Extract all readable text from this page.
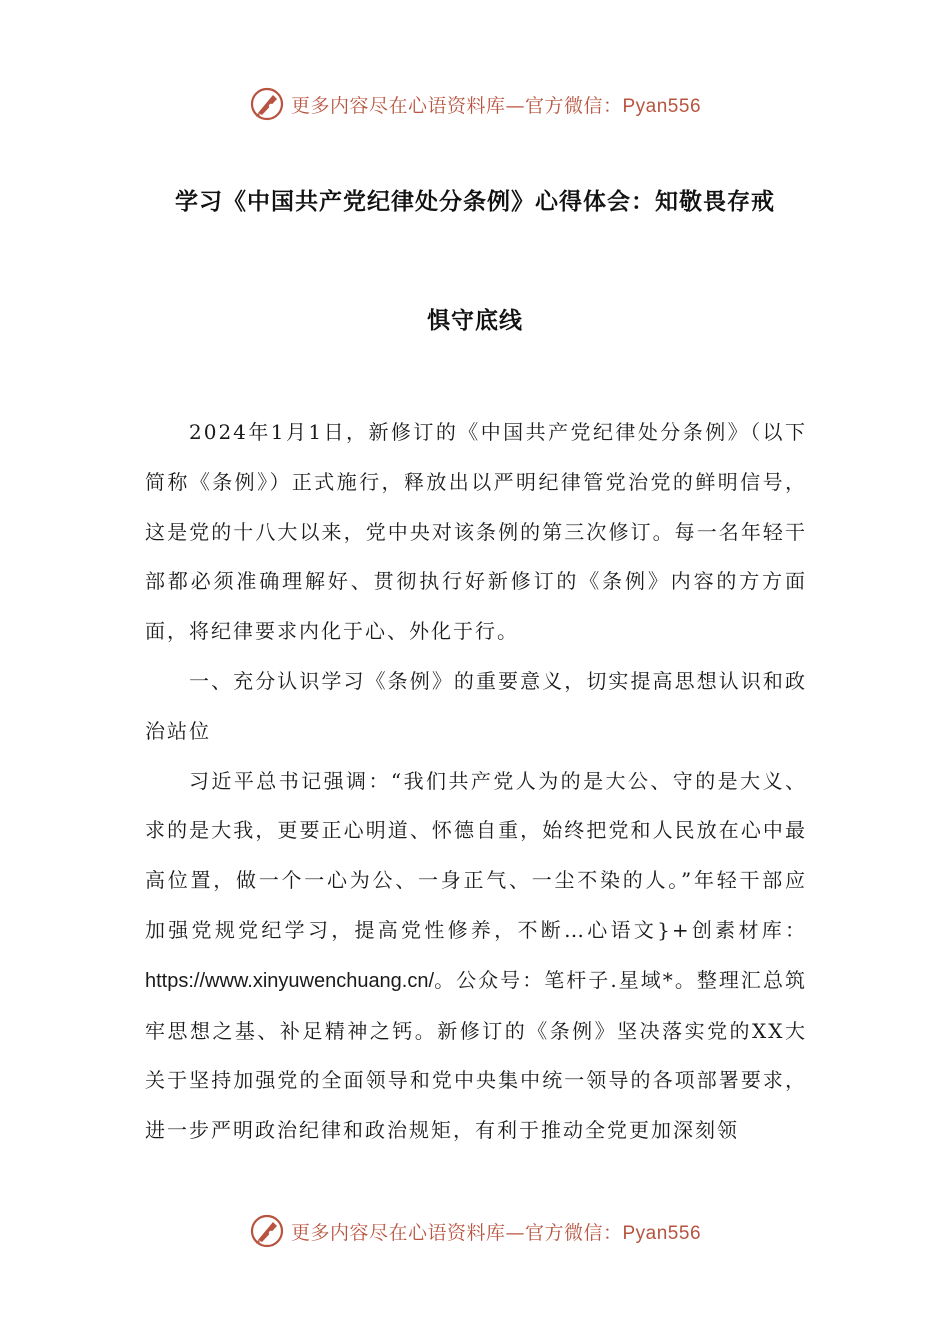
更多内容尽在心语资料库—官方微信：Pyan556
学习《中国共产党纪律处分条例》心得体会：知敬畏存戒
惧守底线

2024年1月1日，新修订的《中国共产党纪律处分条例》（以下简称《条例》）正式施行，释放出以严明纪律管党治党的鲜明信号，这是党的十八大以来，党中央对该条例的第三次修订。每一名年轻干部都必须准确理解好、贯彻执行好新修订的《条例》内容的方方面面，将纪律要求内化于心、外化于行。

一、充分认识学习《条例》的重要意义，切实提高思想认识和政治站位

习近平总书记强调：“我们共产党人为的是大公、守的是大义、求的是大我，更要正心明道、怀德自重，始终把党和人民放在心中最高位置，做一个一心为公、一身正气、一尘不染的人。”年轻干部应加强党规党纪学习，提高党性修养，不断…心语文}+创素材库：https://www.xinyuwenchuang.cn/。公众号：笔杆子.星域*。整理汇总筑牢思想之基、补足精神之钙。新修订的《条例》坚决落实党的XX大关于坚持加强党的全面领导和党中央集中统一领导的各项部署要求，进一步严明政治纪律和政治规矩，有利于推动全党更加深刻领

更多内容尽在心语资料库—官方微信：Pyan556
